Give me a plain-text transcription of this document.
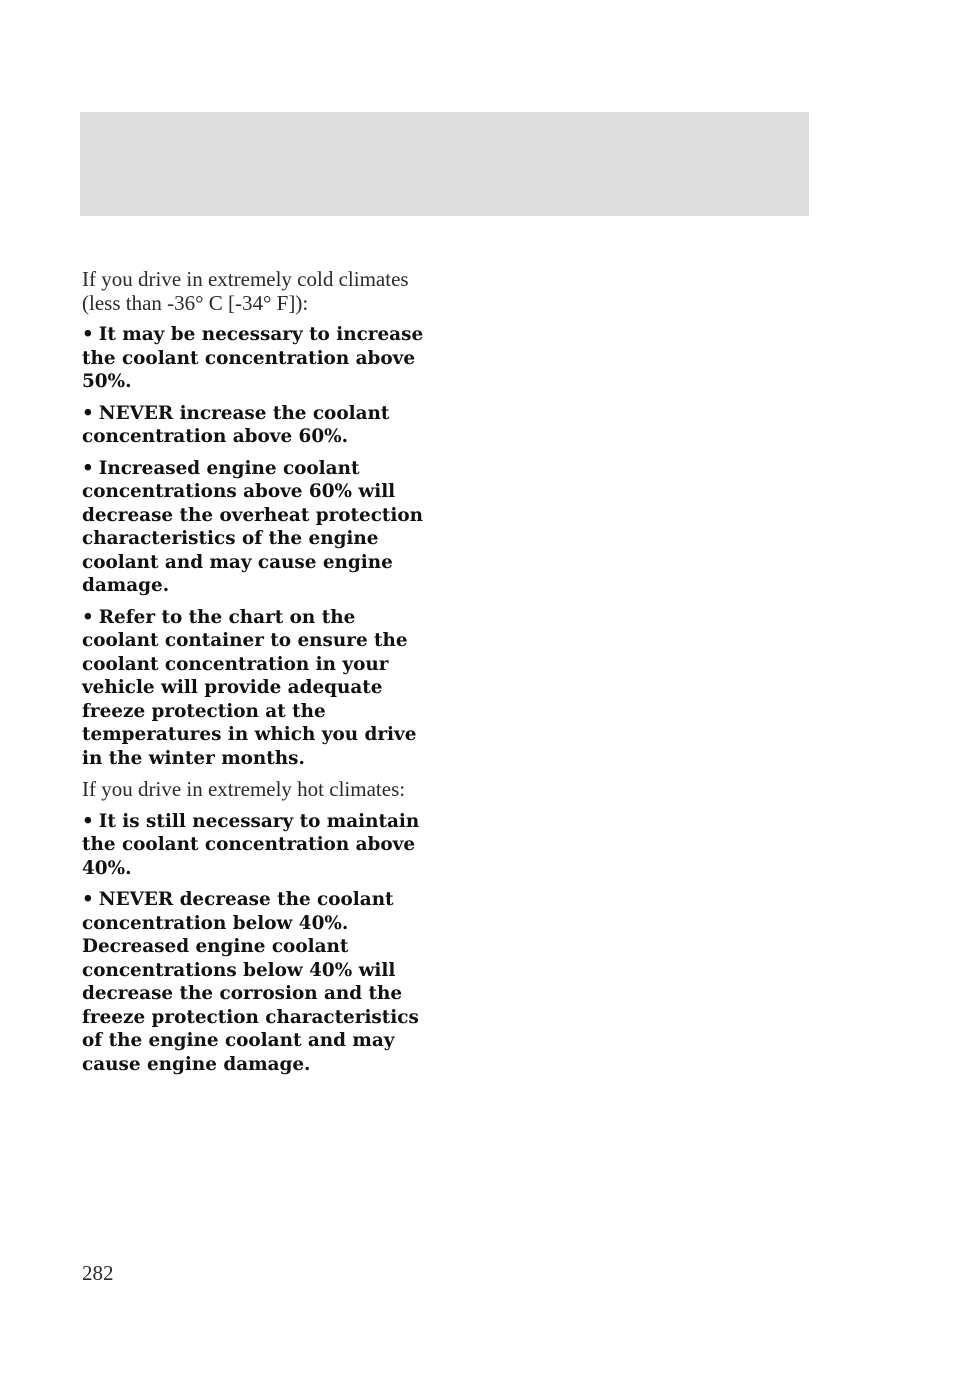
If you drive in extremely cold climates (less than -36° C [-34° F]):

• It may be necessary to increase the coolant concentration above 50%.

• NEVER increase the coolant concentration above 60%.

• Increased engine coolant concentrations above 60% will decrease the overheat protection characteristics of the engine coolant and may cause engine damage.

• Refer to the chart on the coolant container to ensure the coolant concentration in your vehicle will provide adequate freeze protection at the temperatures in which you drive in the winter months.

If you drive in extremely hot climates:

• It is still necessary to maintain the coolant concentration above 40%.

• NEVER decrease the coolant concentration below 40%. Decreased engine coolant concentrations below 40% will decrease the corrosion and the freeze protection characteristics of the engine coolant and may cause engine damage.

282
